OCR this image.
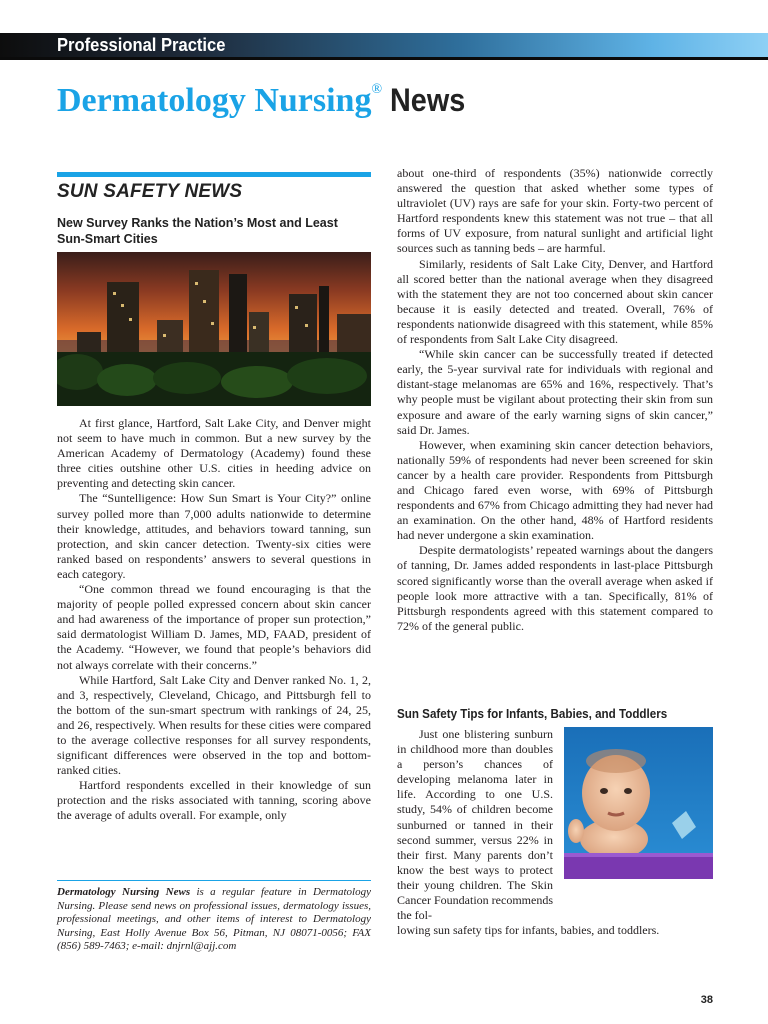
Professional Practice
Dermatology Nursing® News
SUN SAFETY NEWS
New Survey Ranks the Nation’s Most and Least Sun-Smart Cities

At first glance, Hartford, Salt Lake City, and Denver might not seem to have much in common. But a new survey by the American Academy of Dermatology (Academy) found these three cities outshine other U.S. cities in heeding advice on preventing and detecting skin cancer.

The “Suntelligence: How Sun Smart is Your City?” online survey polled more than 7,000 adults nationwide to determine their knowledge, attitudes, and behaviors toward tanning, sun protection, and skin cancer detection. Twenty-six cities were ranked based on respondents’ answers to several questions in each category.

“One common thread we found encouraging is that the majority of people polled expressed concern about skin cancer and had awareness of the importance of proper sun protection,” said dermatologist William D. James, MD, FAAD, president of the Academy. “However, we found that people’s behaviors did not always correlate with their concerns.”

While Hartford, Salt Lake City and Denver ranked No. 1, 2, and 3, respectively, Cleveland, Chicago, and Pittsburgh fell to the bottom of the sun-smart spectrum with rankings of 24, 25, and 26, respectively. When results for these cities were compared to the average collective responses for all survey respondents, significant differences were observed in the top and bottom-ranked cities.

Hartford respondents excelled in their knowledge of sun protection and the risks associated with tanning, scoring above the average of adults overall. For example, only

Dermatology Nursing News is a regular feature in Dermatology Nursing. Please send news on professional issues, dermatology issues, professional meetings, and other items of interest to Dermatology Nursing, East Holly Avenue Box 56, Pitman, NJ 08071-0056; FAX (856) 589-7463; e-mail: dnjrnl@ajj.com

about one-third of respondents (35%) nationwide correctly answered the question that asked whether some types of ultraviolet (UV) rays are safe for your skin. Forty-two percent of Hartford respondents knew this statement was not true – that all forms of UV exposure, from natural sunlight and artificial light sources such as tanning beds – are harmful.

Similarly, residents of Salt Lake City, Denver, and Hartford all scored better than the national average when they disagreed with the statement they are not too concerned about skin cancer because it is easily detected and treated. Overall, 76% of respondents nationwide disagreed with this statement, while 85% of respondents from Salt Lake City disagreed.

“While skin cancer can be successfully treated if detected early, the 5-year survival rate for individuals with regional and distant-stage melanomas are 65% and 16%, respectively. That’s why people must be vigilant about protecting their skin from sun exposure and aware of the early warning signs of skin cancer,” said Dr. James.

However, when examining skin cancer detection behaviors, nationally 59% of respondents had never been screened for skin cancer by a health care provider. Respondents from Pittsburgh and Chicago fared even worse, with 69% of Pittsburgh respondents and 67% from Chicago admitting they had never had an examination. On the other hand, 48% of Hartford residents had never undergone a skin examination.

Despite dermatologists’ repeated warnings about the dangers of tanning, Dr. James added respondents in last-place Pittsburgh scored significantly worse than the overall average when asked if people look more attractive with a tan. Specifically, 81% of Pittsburgh respondents agreed with this statement compared to 72% of the general public.

Sun Safety Tips for Infants, Babies, and Toddlers

Just one blistering sunburn in childhood more than doubles a person’s chances of developing melanoma later in life. According to one U.S. study, 54% of children become sunburned or tanned in their second summer, versus 22% in their first. Many parents don’t know the best ways to protect their young children. The Skin Cancer Foundation recommends the fol-

lowing sun safety tips for infants, babies, and toddlers.
38
